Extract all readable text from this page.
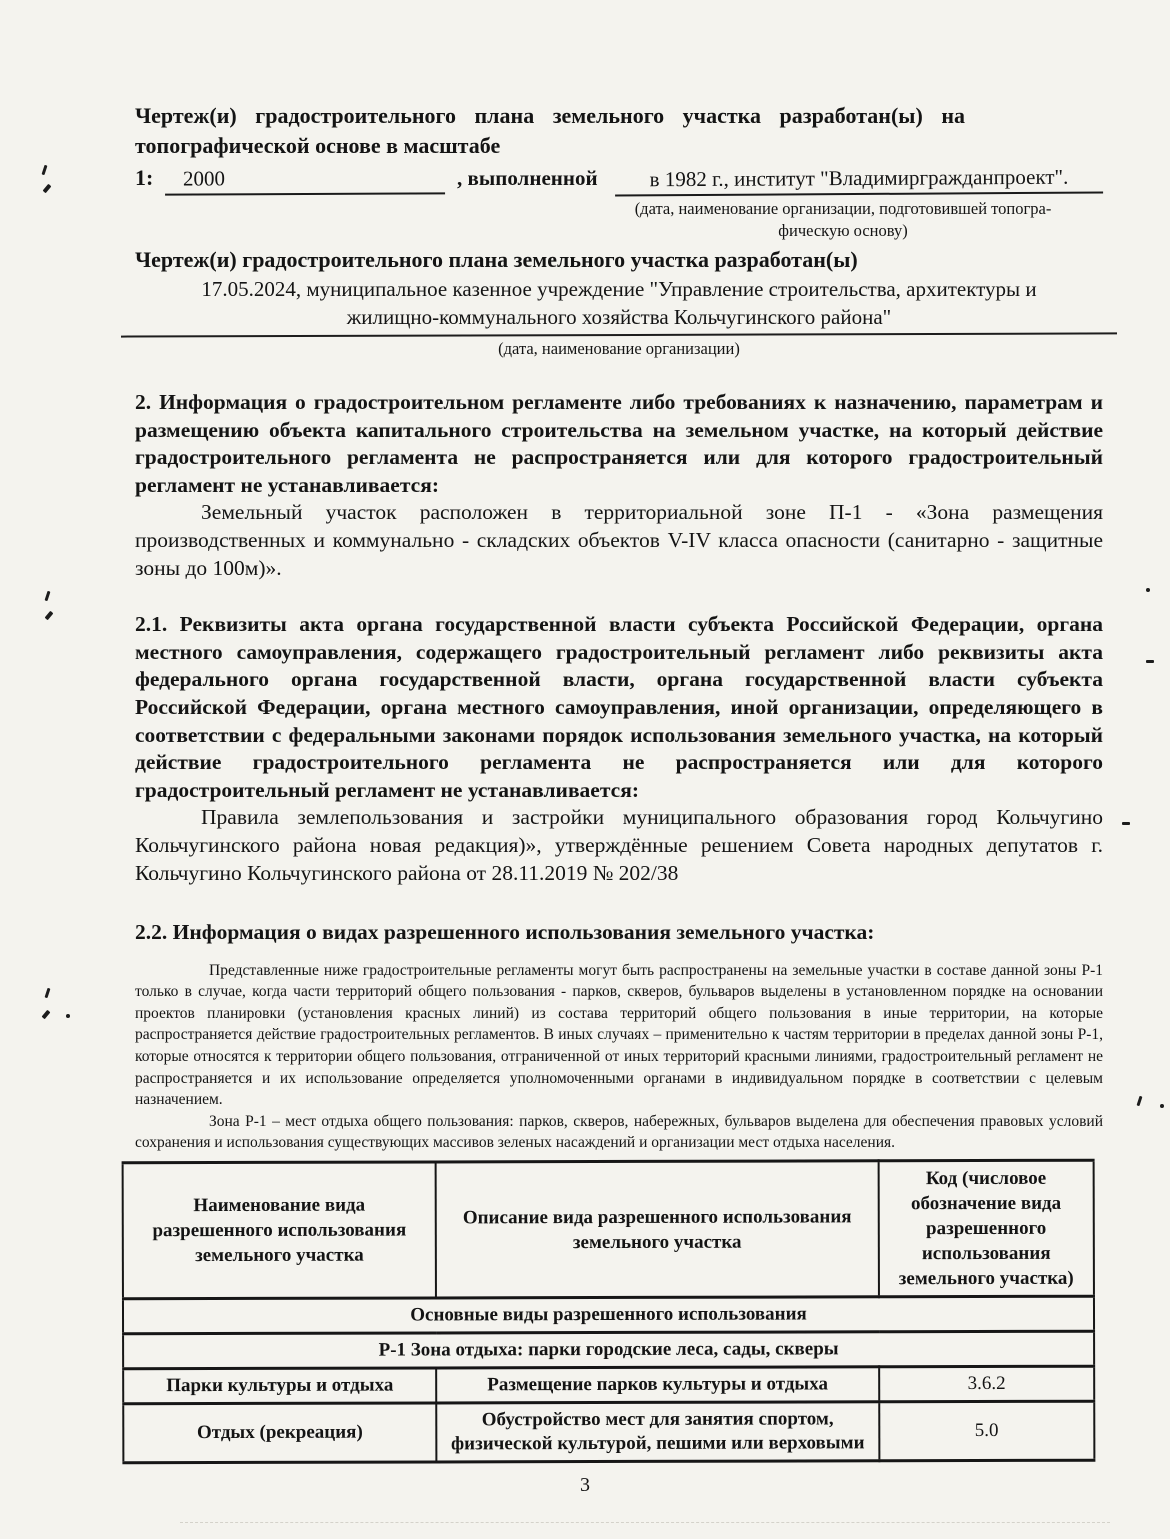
Чертеж(и) градостроительного плана земельного участка разработан(ы) на
топографической основе в масштабе
1:	2000	, выполненной	в 1982 г., институт "Владимиргражданпроект".
(дата, наименование организации, подготовившей топогра-
фическую основу)
Чертеж(и) градостроительного плана земельного участка разработан(ы)
17.05.2024, муниципальное казенное учреждение "Управление строительства, архитектуры и
жилищно-коммунального хозяйства Кольчугинского района"
(дата, наименование организации)
2. Информация о градостроительном регламенте либо требованиях к назначению, параметрам и размещению объекта капитального строительства на земельном участке, на который действие градостроительного регламента не распространяется или для которого градостроительный регламент не устанавливается:
Земельный участок расположен в территориальной зоне П-1 - «Зона размещения производственных и коммунально - складских объектов V-IV класса опасности (санитарно - защитные зоны до 100м)».
2.1. Реквизиты акта органа государственной власти субъекта Российской Федерации, органа местного самоуправления, содержащего градостроительный регламент либо реквизиты акта федерального органа государственной власти, органа государственной власти субъекта Российской Федерации, органа местного самоуправления, иной организации, определяющего в соответствии с федеральными законами порядок использования земельного участка, на который действие градостроительного регламента не распространяется или для которого градостроительный регламент не устанавливается:
Правила землепользования и застройки муниципального образования город Кольчугино Кольчугинского района новая редакция)», утверждённые решением Совета народных депутатов г. Кольчугино Кольчугинского района от 28.11.2019 № 202/38
2.2. Информация о видах разрешенного использования земельного участка:
Представленные ниже градостроительные регламенты могут быть распространены на земельные участки в составе данной зоны Р-1 только в случае, когда части территорий общего пользования - парков, скверов, бульваров выделены в установленном порядке на основании проектов планировки (установления красных линий) из состава территорий общего пользования в иные территории, на которые распространяется действие градостроительных регламентов. В иных случаях – применительно к частям территории в пределах данной зоны Р-1, которые относятся к территории общего пользования, отграниченной от иных территорий красными линиями, градостроительный регламент не распространяется и их использование определяется уполномоченными органами в индивидуальном порядке в соответствии с целевым назначением.
Зона Р-1 – мест отдыха общего пользования: парков, скверов, набережных, бульваров выделена для обеспечения правовых условий сохранения и использования существующих массивов зеленых насаждений и организации мест отдыха населения.
Наименование вида разрешенного использования земельного участка	Описание вида разрешенного использования земельного участка	Код (числовое обозначение вида разрешенного использования земельного участка)
Основные виды разрешенного использования		
Р-1 Зона отдыха: парки городские леса, сады, скверы		
Парки культуры и отдыха	Размещение парков культуры и отдыха	3.6.2
Отдых (рекреация)	Обустройство мест для занятия спортом, физической культурой, пешими или верховыми	5.0
3
